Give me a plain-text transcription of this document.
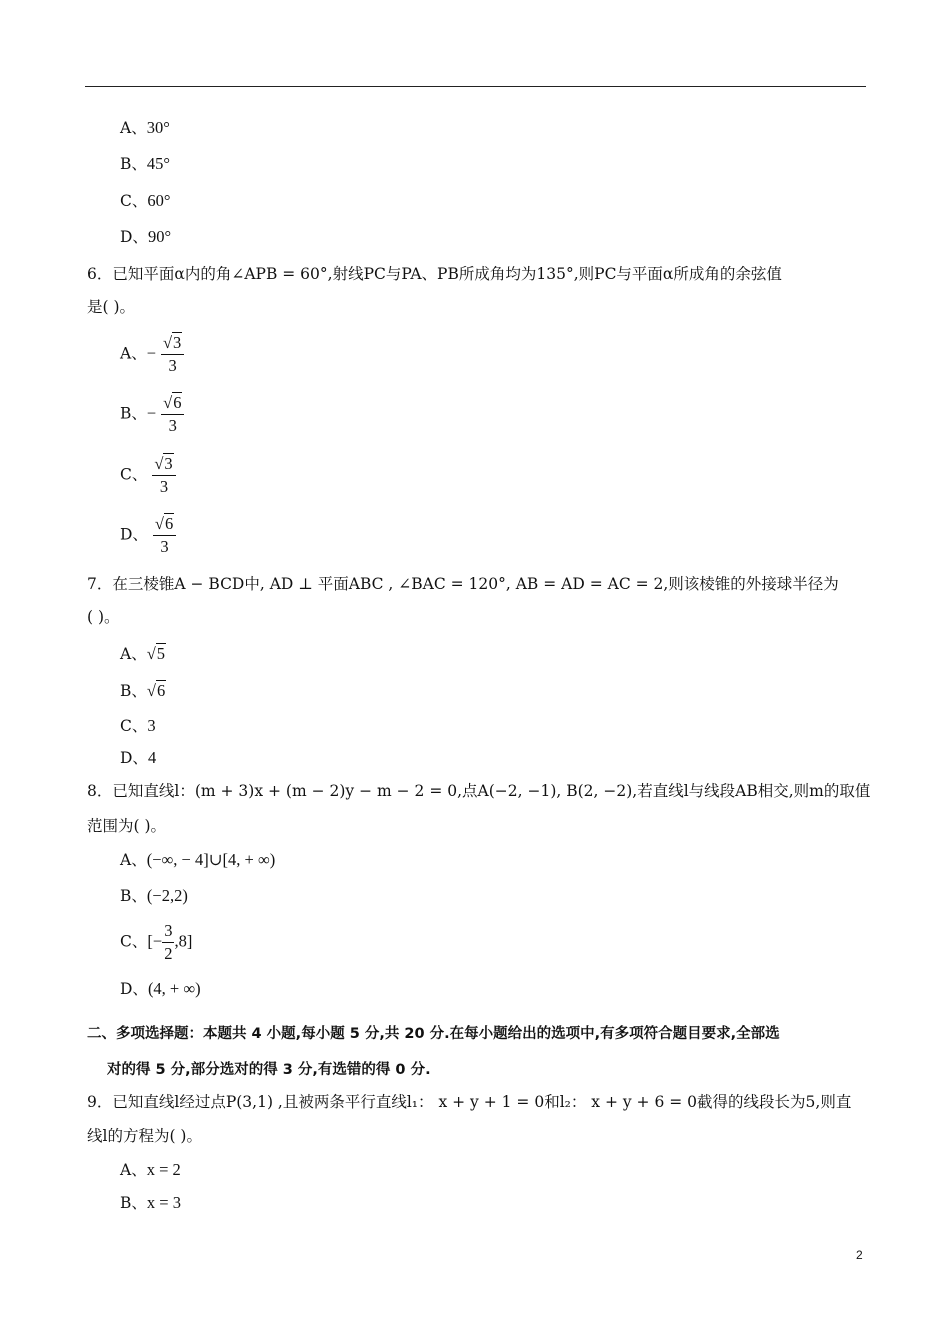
A、30°
B、45°
C、60°
D、90°
6．已知平面α内的角∠APB = 60°,射线PC与PA、PB所成角均为135°,则PC与平面α所成角的余弦值
是( )。
A、− $\frac{√3}{3}$
B、− $\frac{√6}{3}$
C、 $\frac{√3}{3}$
D、 $\frac{√6}{3}$
7．在三棱锥A − BCD中, AD ⊥ 平面ABC , ∠BAC = 120°, AB = AD = AC = 2,则该棱锥的外接球半径为
( )。
A、√5
B、√6
C、3
D、4
8．已知直线l：(m + 3)x + (m − 2)y − m − 2 = 0,点A(−2, −1), B(2, −2),若直线l与线段AB相交,则m的取值
范围为( )。
A、(−∞, − 4]∪[4, + ∞)
B、(−2,2)
C、[− $\frac{3}{2} ,8$]
D、(4, + ∞)
二、多项选择题：本题共 4 小题,每小题 5 分,共 20 分.在每小题给出的选项中,有多项符合题目要求,全部选
对的得 5 分,部分选对的得 3 分,有选错的得 0 分.
9．已知直线l经过点P(3,1) ,且被两条平行直线l₁： x + y + 1 = 0和l₂： x + y + 6 = 0截得的线段长为5,则直
线l的方程为( )。
A、x = 2
B、x = 3
2
